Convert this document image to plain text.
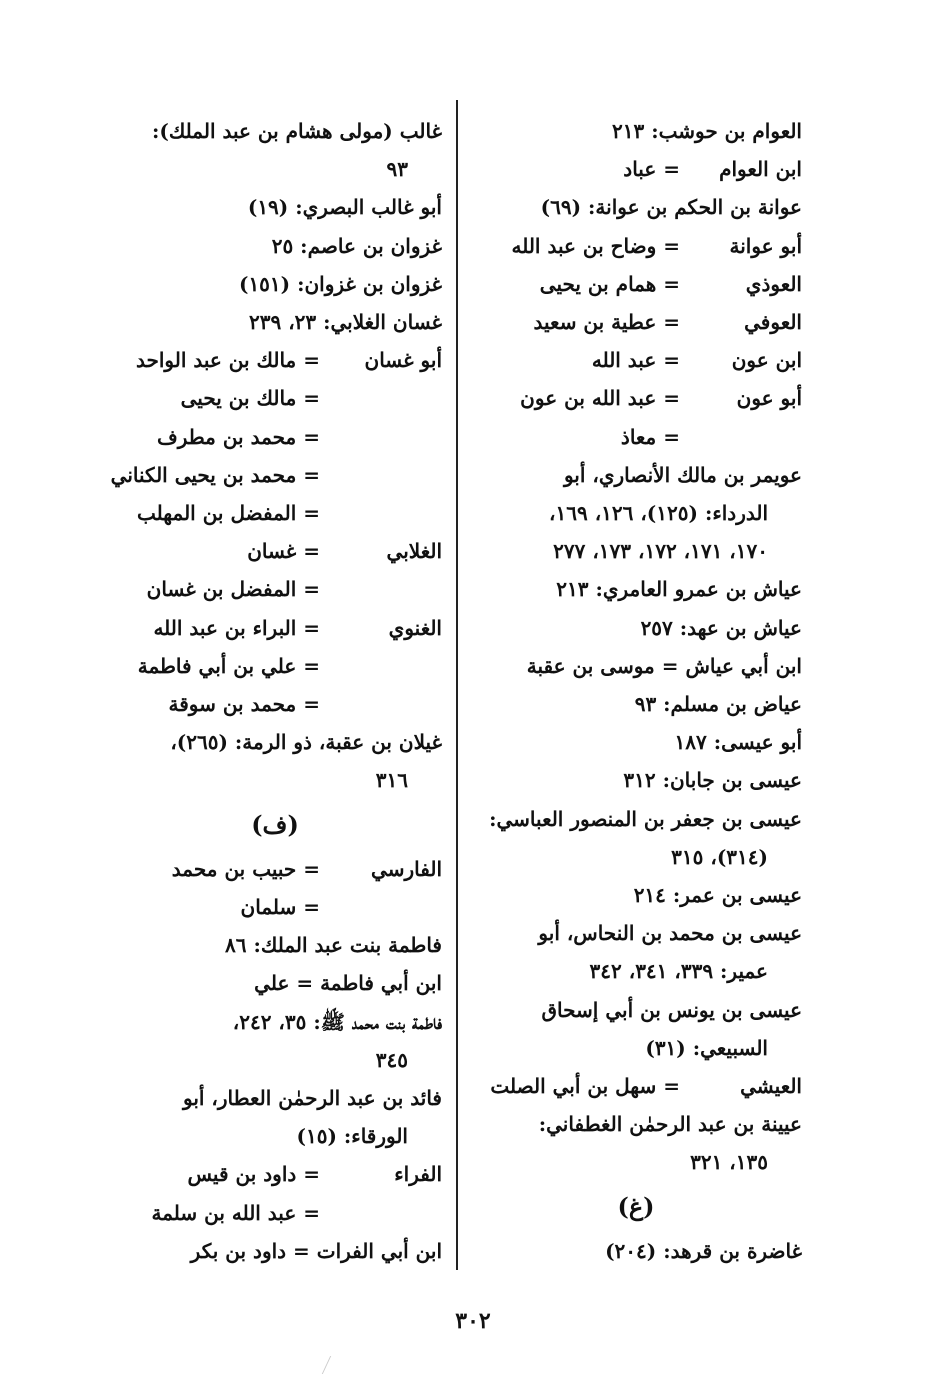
العوام بن حوشب: ٢١٣
ابن العوام= عباد
عوانة بن الحكم بن عوانة: (٦٩)
أبو عوانة= وضاح بن عبد الله
العوذي= همام بن يحيى
العوفي= عطية بن سعيد
ابن عون= عبد الله
أبو عون= عبد الله بن عون
= معاذ
عويمر بن مالك الأنصاري، أبو
الدرداء: (١٢٥)، ١٢٦، ١٦٩،
١٧٠، ١٧١، ١٧٢، ١٧٣، ٢٧٧
عياش بن عمرو العامري: ٢١٣
عياش بن عهد: ٢٥٧
ابن أبي عياش = موسى بن عقبة
عياض بن مسلم: ٩٣
أبو عيسى: ١٨٧
عيسى بن جابان: ٣١٢
عيسى بن جعفر بن المنصور العباسي:
(٣١٤)، ٣١٥
عيسى بن عمر: ٢١٤
عيسى بن محمد بن النحاس، أبو
عمير: ٣٣٩، ٣٤١، ٣٤٢
عيسى بن يونس بن أبي إسحاق
السبيعي: (٣١)
العيشي= سهل بن أبي الصلت
عيينة بن عبد الرحمٰن الغطفاني:
١٣٥، ٣٢١
(غ)
غاضرة بن قرهد: (٢٠٤)
غالب (مولى هشام بن عبد الملك):
٩٣
أبو غالب البصري: (١٩)
غزوان بن عاصم: ٢٥
غزوان بن غزوان: (١٥١)
غسان الغلابي: ٢٣، ٢٣٩
أبو غسان= مالك بن عبد الواحد
= مالك بن يحيى
= محمد بن مطرف
= محمد بن يحيى الكناني
= المفضل بن المهلب
الغلابي= غسان
= المفضل بن غسان
الغنوي= البراء بن عبد الله
= علي بن أبي فاطمة
= محمد بن سوقة
غيلان بن عقبة، ذو الرمة: (٢٦٥)،
٣١٦
(ف)
الفارسي= حبيب بن محمد
= سلمان
فاطمة بنت عبد الملك: ٨٦
ابن أبي فاطمة = علي
فاطمة بنت محمد ﷺ: ٣٥، ٢٤٢،
٣٤٥
فائد بن عبد الرحمٰن العطار، أبو
الورقاء: (١٥)
الفراء= داود بن قيس
= عبد الله بن سلمة
ابن أبي الفرات = داود بن بكر
٣٠٢
